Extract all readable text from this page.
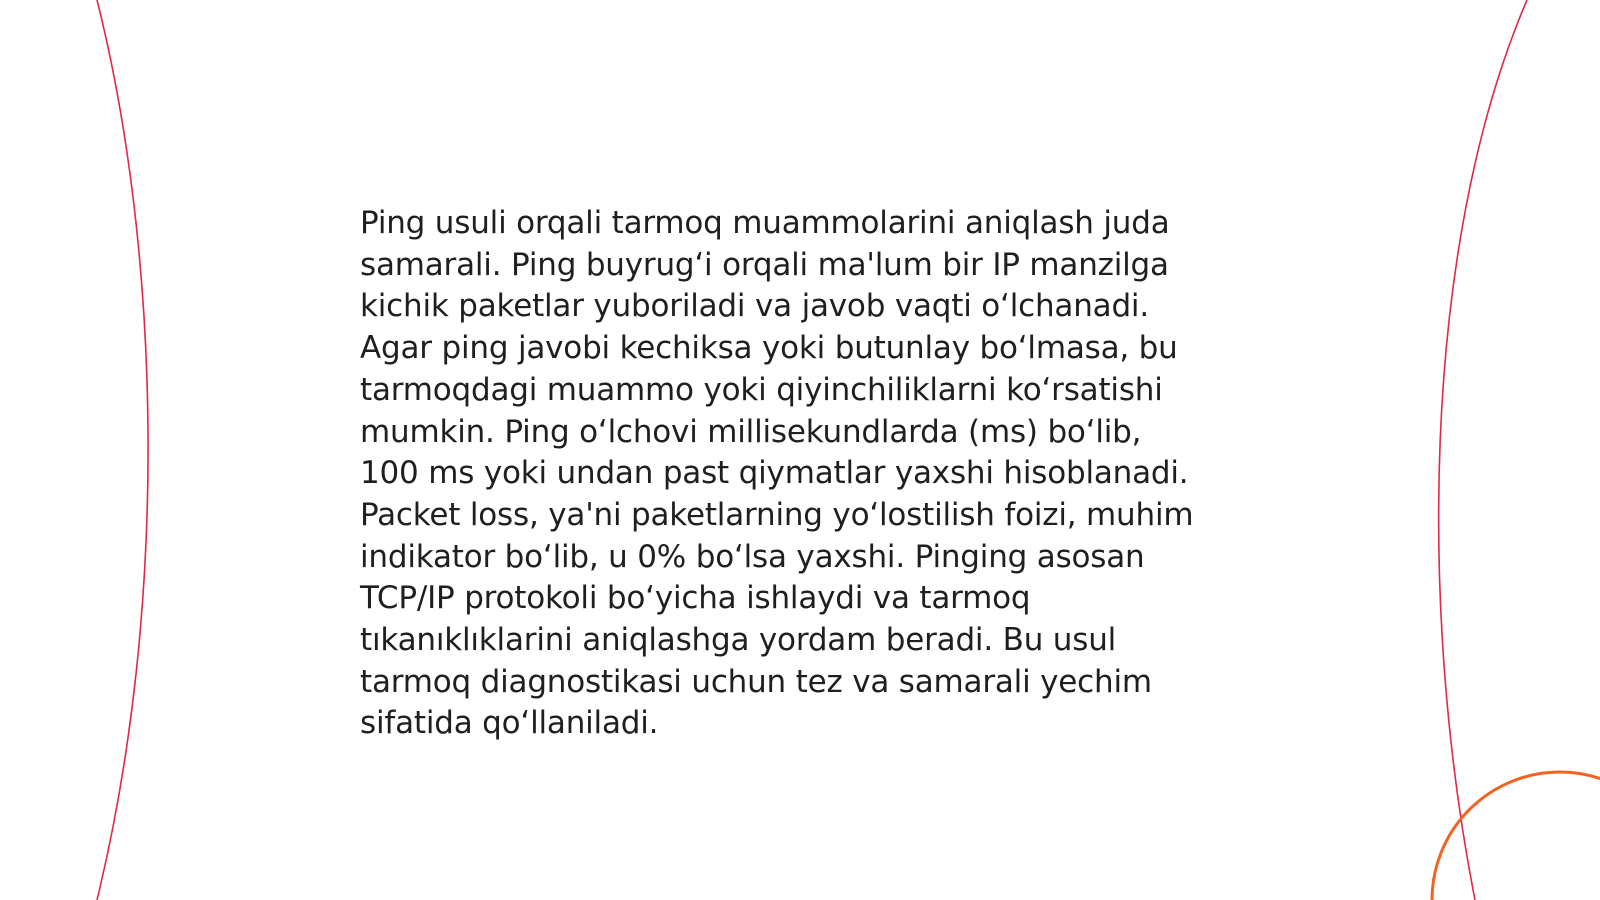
Ping usuli orqali tarmoq muammolarini aniqlash juda
samarali. Ping buyrug‘i orqali ma'lum bir IP manzilga
kichik paketlar yuboriladi va javob vaqti o‘lchanadi.
Agar ping javobi kechiksa yoki butunlay bo‘lmasa, bu
tarmoqdagi muammo yoki qiyinchiliklarni ko‘rsatishi
mumkin. Ping o‘lchovi millisekundlarda (ms) bo‘lib,
100 ms yoki undan past qiymatlar yaxshi hisoblanadi.
Packet loss, ya'ni paketlarning yo‘lostilish foizi, muhim
indikator bo‘lib, u 0% bo‘lsa yaxshi. Pinging asosan
TCP/IP protokoli bo‘yicha ishlaydi va tarmoq
tıkanıklıklarini aniqlashga yordam beradi. Bu usul
tarmoq diagnostikasi uchun tez va samarali yechim
sifatida qo‘llaniladi.
